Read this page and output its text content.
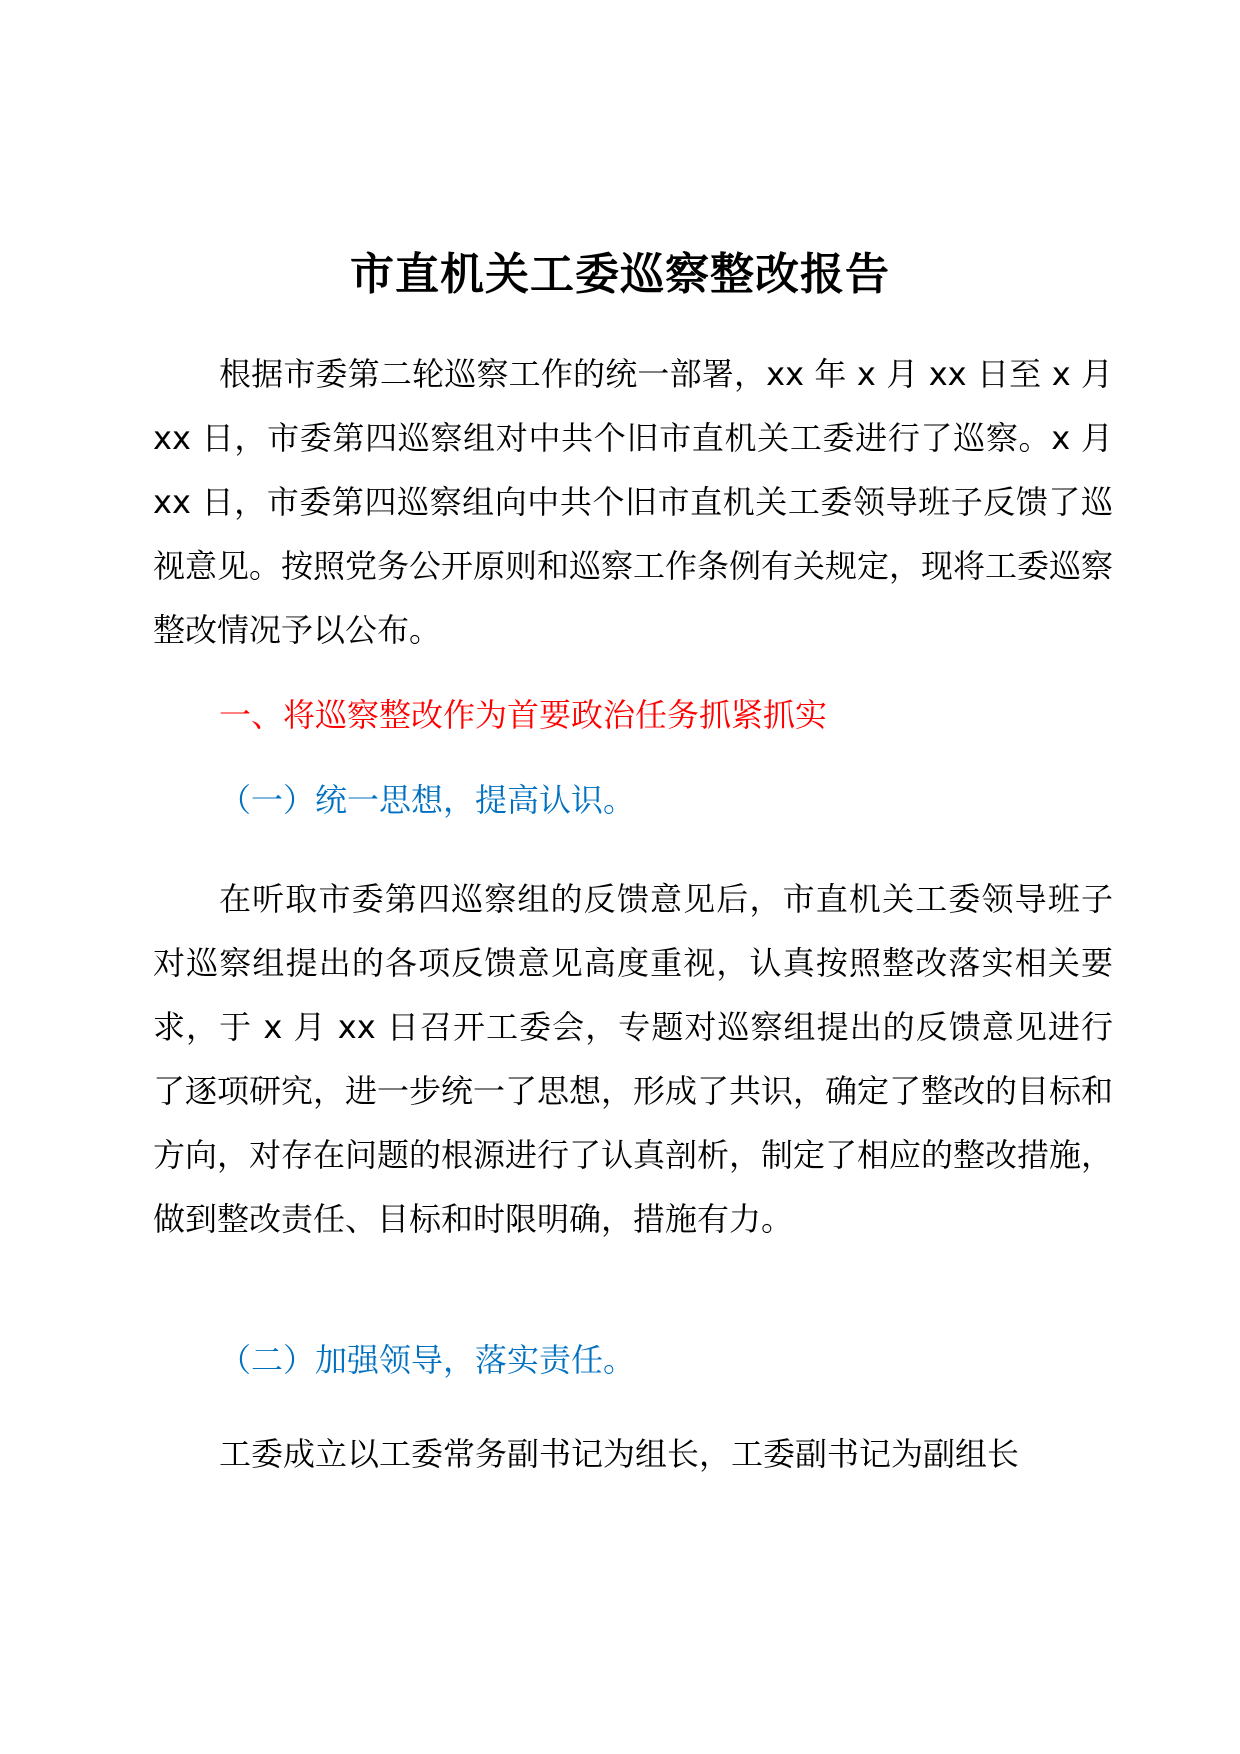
市直机关工委巡察整改报告
根据市委第二轮巡察工作的统一部署，xx 年 x 月 xx 日至 x 月 xx 日，市委第四巡察组对中共个旧市直机关工委进行了巡察。x 月 xx 日，市委第四巡察组向中共个旧市直机关工委领导班子反馈了巡视意见。按照党务公开原则和巡察工作条例有关规定，现将工委巡察整改情况予以公布。
一、将巡察整改作为首要政治任务抓紧抓实
（一）统一思想，提高认识。
在听取市委第四巡察组的反馈意见后，市直机关工委领导班子对巡察组提出的各项反馈意见高度重视，认真按照整改落实相关要求，于 x 月 xx 日召开工委会，专题对巡察组提出的反馈意见进行了逐项研究，进一步统一了思想，形成了共识，确定了整改的目标和方向，对存在问题的根源进行了认真剖析，制定了相应的整改措施，做到整改责任、目标和时限明确，措施有力。
（二）加强领导，落实责任。
工委成立以工委常务副书记为组长，工委副书记为副组长
